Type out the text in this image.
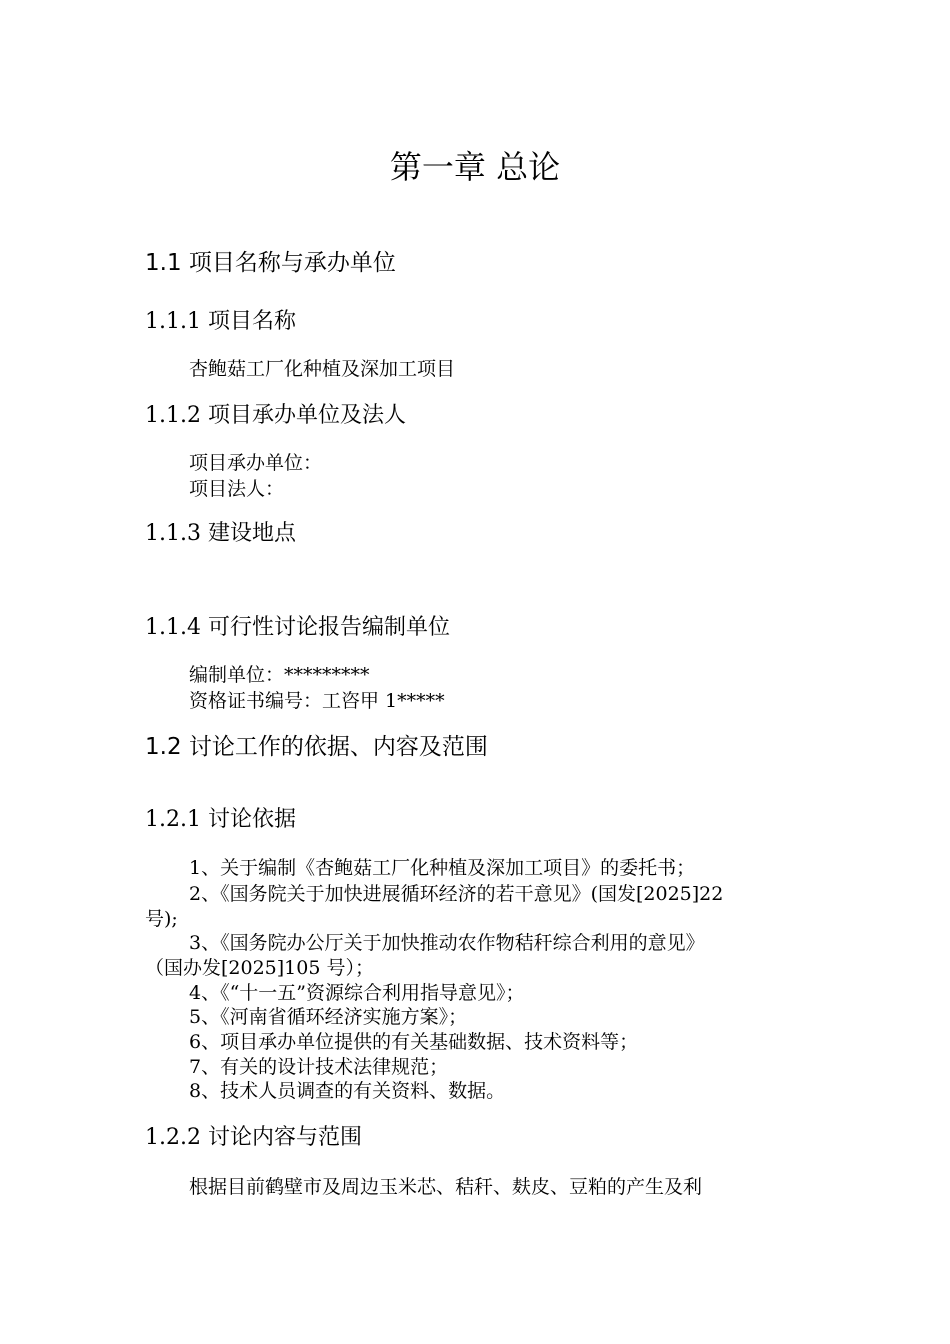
第一章 总论
1.1 项目名称与承办单位
1.1.1 项目名称
杏鲍菇工厂化种植及深加工项目
1.1.2 项目承办单位及法人
项目承办单位：
项目法人：
1.1.3 建设地点
1.1.4 可行性讨论报告编制单位
编制单位：*********
资格证书编号：工咨甲 1*****
1.2 讨论工作的依据、内容及范围
1.2.1 讨论依据
1、关于编制《杏鲍菇工厂化种植及深加工项目》的委托书；
2、《国务院关于加快进展循环经济的若干意见》(国发[2025]22
号);
3、《国务院办公厅关于加快推动农作物秸秆综合利用的意见》
（国办发[2025]105 号）；
4、《“十一五”资源综合利用指导意见》；
5、《河南省循环经济实施方案》；
6、项目承办单位提供的有关基础数据、技术资料等；
7、有关的设计技术法律规范；
8、技术人员调查的有关资料、数据。
1.2.2 讨论内容与范围
根据目前鹤壁市及周边玉米芯、秸秆、麸皮、豆粕的产生及利
